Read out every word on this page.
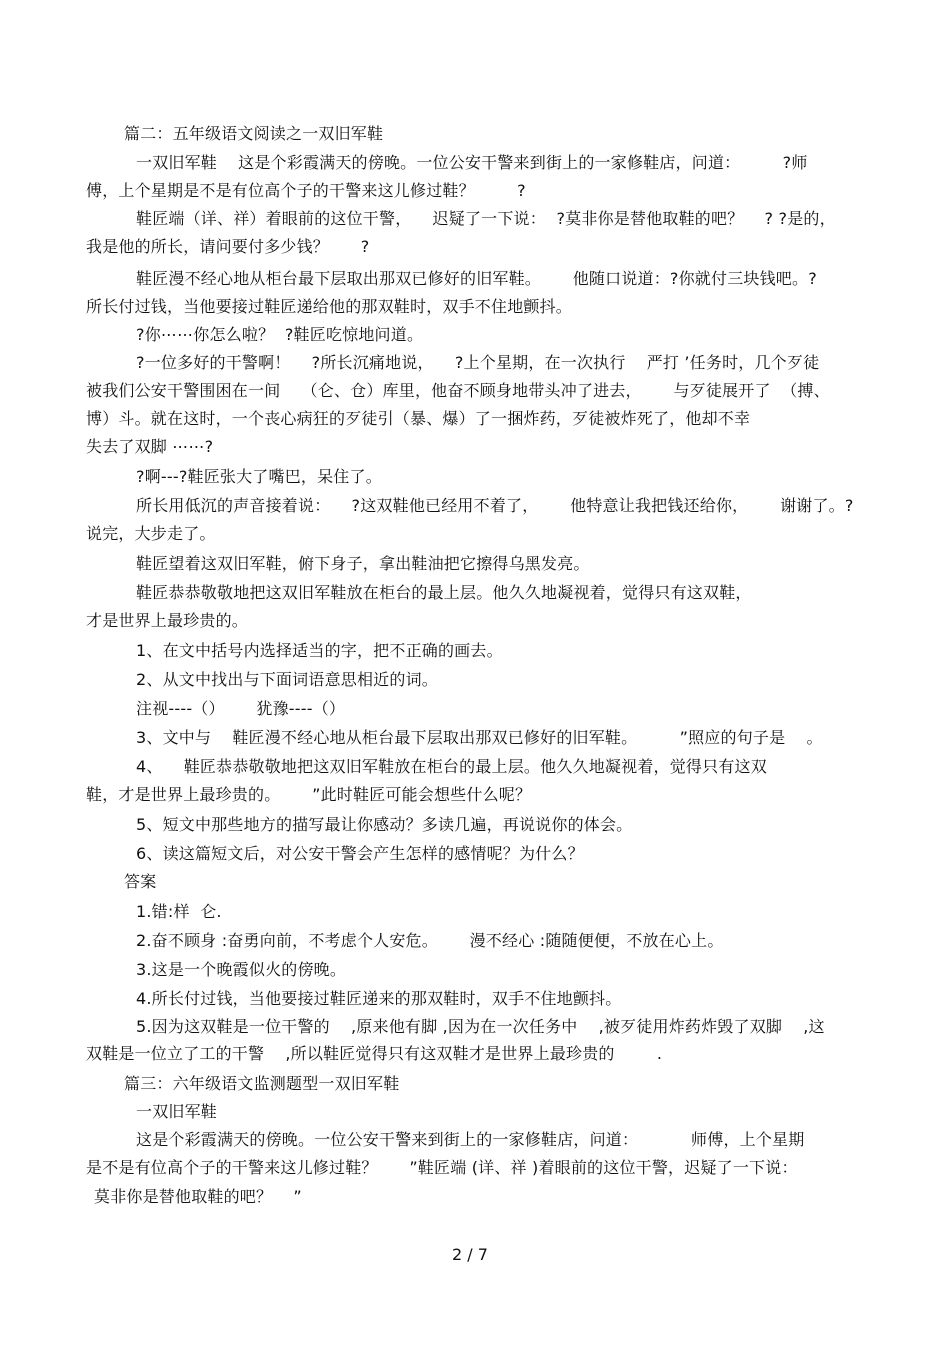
篇二：五年级语文阅读之一双旧军鞋
一双旧军鞋    这是个彩霞满天的傍晚。一位公安干警来到街上的一家修鞋店，问道：        ?师
傅，上个星期是不是有位高个子的干警来这儿修过鞋？        ?
鞋匠端（详、祥）着眼前的这位干警，    迟疑了一下说：  ?莫非你是替他取鞋的吧？    ? ?是的，
我是他的所长，请问要付多少钱？      ?
鞋匠漫不经心地从柜台最下层取出那双已修好的旧军鞋。      他随口说道：?你就付三块钱吧。?
所长付过钱，当他要接过鞋匠递给他的那双鞋时，双手不住地颤抖。
?你⋯⋯你怎么啦？  ?鞋匠吃惊地问道。
?一位多好的干警啊！    ?所长沉痛地说，    ?上个星期，在一次执行    严打 ’任务时，几个歹徒
被我们公安干警围困在一间    （仑、仓）库里，他奋不顾身地带头冲了进去，      与歹徒展开了  （搏、
博）斗。就在这时，一个丧心病狂的歹徒引（暴、爆）了一捆炸药，歹徒被炸死了，他却不幸
失去了双脚 ⋯⋯?
?啊---?鞋匠张大了嘴巴，呆住了。
所长用低沉的声音接着说：    ?这双鞋他已经用不着了，      他特意让我把钱还给你，      谢谢了。?
说完，大步走了。
鞋匠望着这双旧军鞋，俯下身子，拿出鞋油把它擦得乌黑发亮。
鞋匠恭恭敬敬地把这双旧军鞋放在柜台的最上层。他久久地凝视着，觉得只有这双鞋，
才是世界上最珍贵的。
1、在文中括号内选择适当的字，把不正确的画去。
2、从文中找出与下面词语意思相近的词。
注视----（）      犹豫----（）
3、文中与    鞋匠漫不经心地从柜台最下层取出那双已修好的旧军鞋。        ”照应的句子是    。
4、    鞋匠恭恭敬敬地把这双旧军鞋放在柜台的最上层。他久久地凝视着，觉得只有这双
鞋，才是世界上最珍贵的。      ”此时鞋匠可能会想些什么呢？
5、短文中那些地方的描写最让你感动？多读几遍，再说说你的体会。
6、读这篇短文后，对公安干警会产生怎样的感情呢？为什么？
答案
1.错:样  仑.
2.奋不顾身 :奋勇向前，不考虑个人安危。      漫不经心 :随随便便，不放在心上。
3.这是一个晚霞似火的傍晚。
4.所长付过钱，当他要接过鞋匠递来的那双鞋时，双手不住地颤抖。
5.因为这双鞋是一位干警的    ,原来他有脚 ,因为在一次任务中    ,被歹徒用炸药炸毁了双脚    ,这
双鞋是一位立了工的干警    ,所以鞋匠觉得只有这双鞋才是世界上最珍贵的        .
篇三：六年级语文监测题型一双旧军鞋
一双旧军鞋
这是个彩霞满天的傍晚。一位公安干警来到街上的一家修鞋店，问道：          师傅，上个星期
是不是有位高个子的干警来这儿修过鞋？      ”鞋匠端 (详、祥 )着眼前的这位干警，迟疑了一下说：
莫非你是替他取鞋的吧？    ”
2 / 7
